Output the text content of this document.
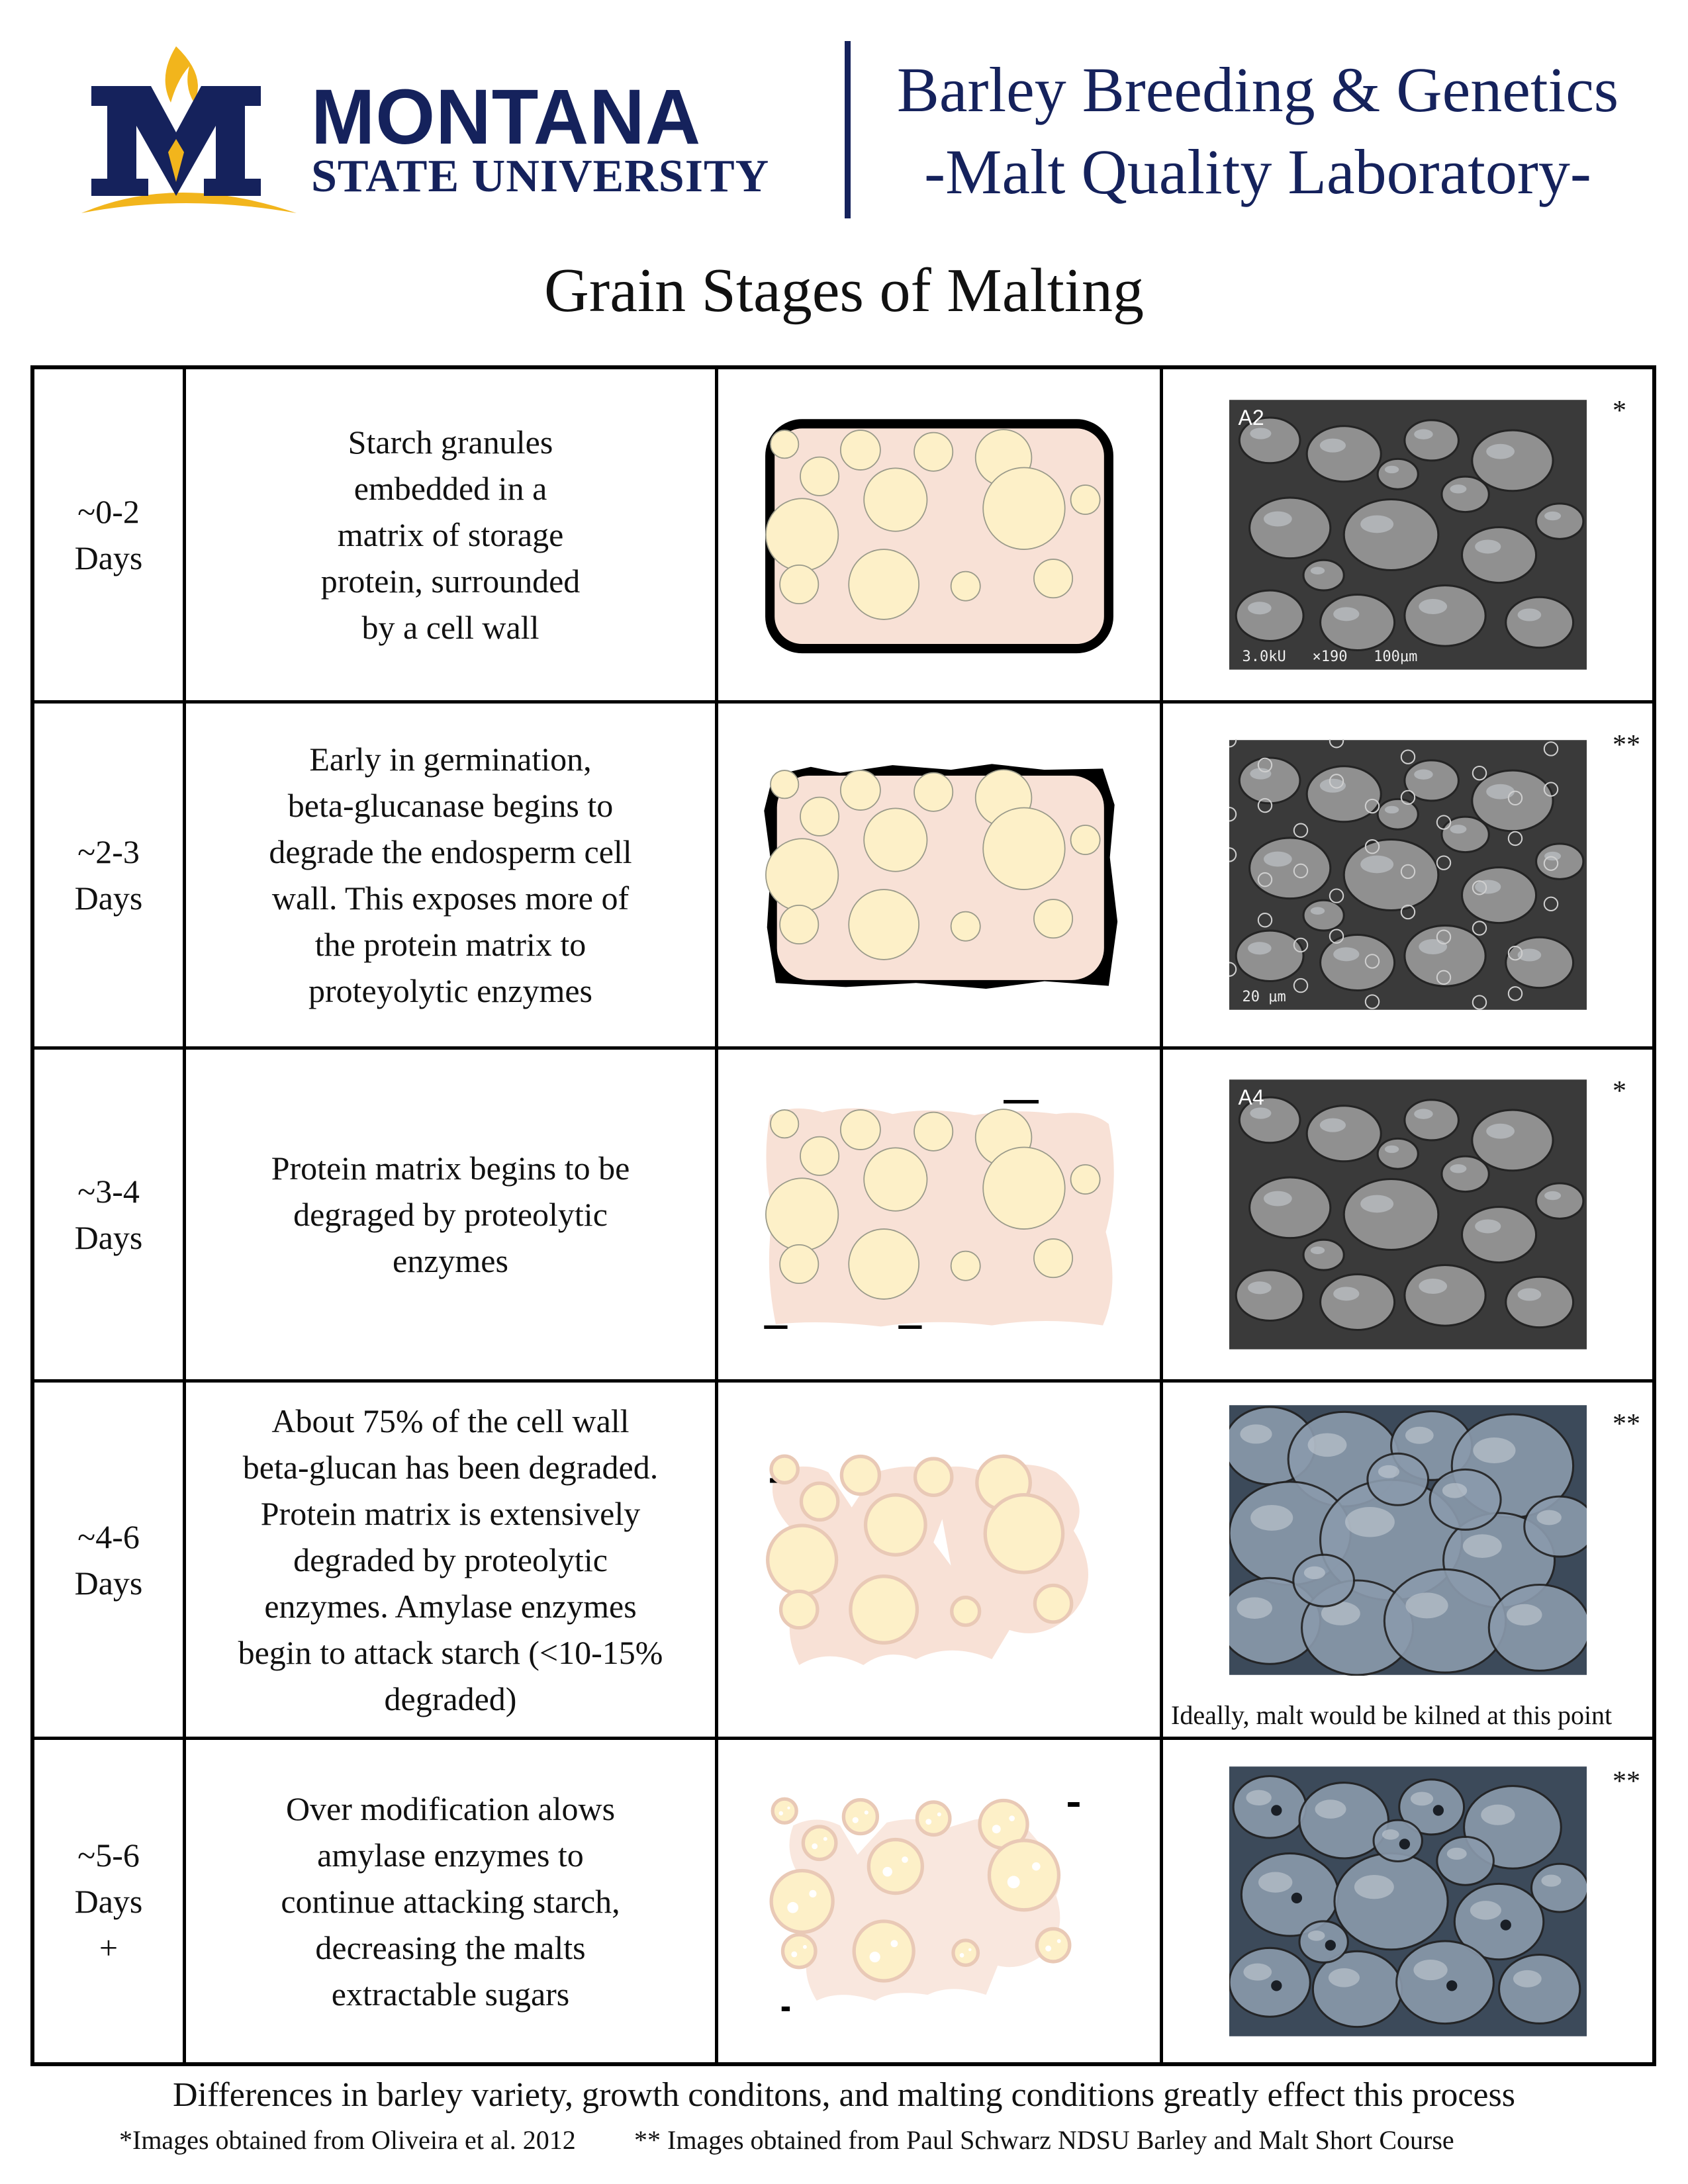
MONTANA
STATE UNIVERSITY
Barley Breeding & Genetics
-Malt Quality Laboratory-
Grain Stages of Malting
~0-2
Days
Starch granules
embedded in a
matrix of storage
protein, surrounded
by a cell wall
A2
3.0kU   ×190   100μm
*
~2-3
Days
Early in germination,
beta-glucanase begins to
degrade the endosperm cell
wall. This exposes more of
the protein matrix to
proteyolytic enzymes	20 μm
**
~3-4
Days
Protein matrix begins to be
degraged by proteolytic
enzymes
A4	*
~4-6
Days
About 75% of the cell wall
beta-glucan has been degraded.
Protein matrix is extensively
degraded by proteolytic
enzymes. Amylase enzymes
begin to attack starch (<10-15%
degraded)
**
Ideally, malt would be kilned at this point
~5-6
Days
+
Over modification alows
amylase enzymes to
continue attacking starch,
decreasing the malts
extractable sugars
**
Differences in barley variety, growth conditons, and malting conditions greatly effect this process
*Images obtained from Oliveira et al. 2012 ** Images obtained from Paul Schwarz NDSU Barley and Malt Short Course
